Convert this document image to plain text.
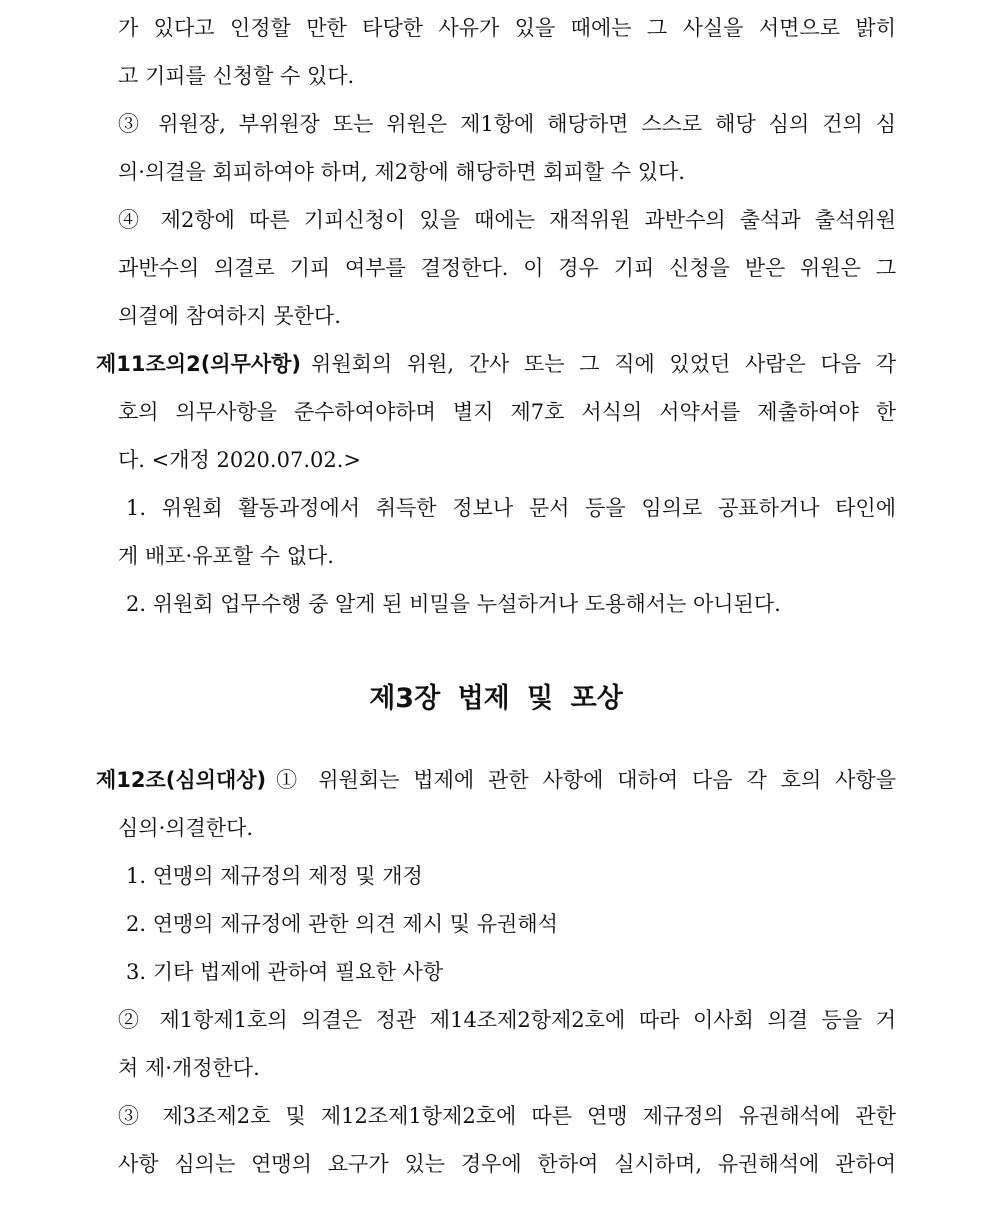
가 있다고 인정할 만한 타당한 사유가 있을 때에는 그 사실을 서면으로 밝히
고 기피를 신청할 수 있다.
③ 위원장, 부위원장 또는 위원은 제1항에 해당하면 스스로 해당 심의 건의 심
의·의결을 회피하여야 하며, 제2항에 해당하면 회피할 수 있다.
④ 제2항에 따른 기피신청이 있을 때에는 재적위원 과반수의 출석과 출석위원
과반수의 의결로 기피 여부를 결정한다. 이 경우 기피 신청을 받은 위원은 그
의결에 참여하지 못한다.
제11조의2(의무사항) 위원회의 위원, 간사 또는 그 직에 있었던 사람은 다음 각
호의 의무사항을 준수하여야하며 별지 제7호 서식의 서약서를 제출하여야 한
다. <개정 2020.07.02.>
1. 위원회 활동과정에서 취득한 정보나 문서 등을 임의로 공표하거나 타인에
게 배포·유포할 수 없다.
2. 위원회 업무수행 중 알게 된 비밀을 누설하거나 도용해서는 아니된다.
제3장 법제 및 포상
제12조(심의대상) ① 위원회는 법제에 관한 사항에 대하여 다음 각 호의 사항을
심의·의결한다.
1. 연맹의 제규정의 제정 및 개정
2. 연맹의 제규정에 관한 의견 제시 및 유권해석
3. 기타 법제에 관하여 필요한 사항
② 제1항제1호의 의결은 정관 제14조제2항제2호에 따라 이사회 의결 등을 거
쳐 제·개정한다.
③ 제3조제2호 및 제12조제1항제2호에 따른 연맹 제규정의 유권해석에 관한
사항 심의는 연맹의 요구가 있는 경우에 한하여 실시하며, 유권해석에 관하여
